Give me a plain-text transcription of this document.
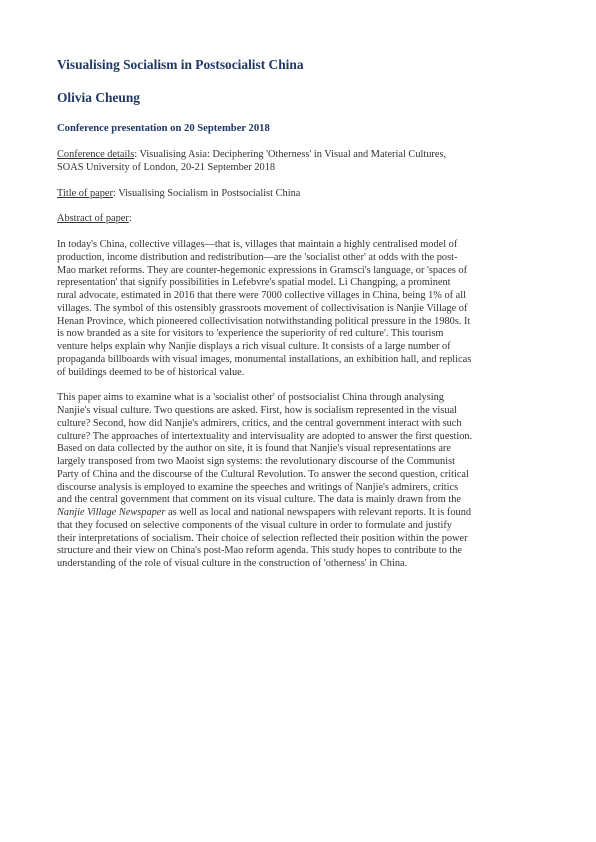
Visualising Socialism in Postsocialist China
Olivia Cheung
Conference presentation on 20 September 2018
Conference details: Visualising Asia: Deciphering 'Otherness' in Visual and Material Cultures,
SOAS University of London, 20-21 September 2018
Title of paper: Visualising Socialism in Postsocialist China
Abstract of paper:
In today's China, collective villages—that is, villages that maintain a highly centralised model of
production, income distribution and redistribution—are the 'socialist other' at odds with the post-
Mao market reforms. They are counter-hegemonic expressions in Gramsci's language, or 'spaces of
representation' that signify possibilities in Lefebvre's spatial model. Li Changping, a prominent
rural advocate, estimated in 2016 that there were 7000 collective villages in China, being 1% of all
villages. The symbol of this ostensibly grassroots movement of collectivisation is Nanjie Village of
Henan Province, which pioneered collectivisation notwithstanding political pressure in the 1980s. It
is now branded as a site for visitors to 'experience the superiority of red culture'. This tourism
venture helps explain why Nanjie displays a rich visual culture. It consists of a large number of
propaganda billboards with visual images, monumental installations, an exhibition hall, and replicas
of buildings deemed to be of historical value.
This paper aims to examine what is a 'socialist other' of postsocialist China through analysing
Nanjie's visual culture. Two questions are asked. First, how is socialism represented in the visual
culture? Second, how did Nanjie's admirers, critics, and the central government interact with such
culture? The approaches of intertextuality and intervisuality are adopted to answer the first question.
Based on data collected by the author on site, it is found that Nanjie's visual representations are
largely transposed from two Maoist sign systems: the revolutionary discourse of the Communist
Party of China and the discourse of the Cultural Revolution. To answer the second question, critical
discourse analysis is employed to examine the speeches and writings of Nanjie's admirers, critics
and the central government that comment on its visual culture. The data is mainly drawn from the
Nanjie Village Newspaper as well as local and national newspapers with relevant reports. It is found
that they focused on selective components of the visual culture in order to formulate and justify
their interpretations of socialism. Their choice of selection reflected their position within the power
structure and their view on China's post-Mao reform agenda. This study hopes to contribute to the
understanding of the role of visual culture in the construction of 'otherness' in China.
